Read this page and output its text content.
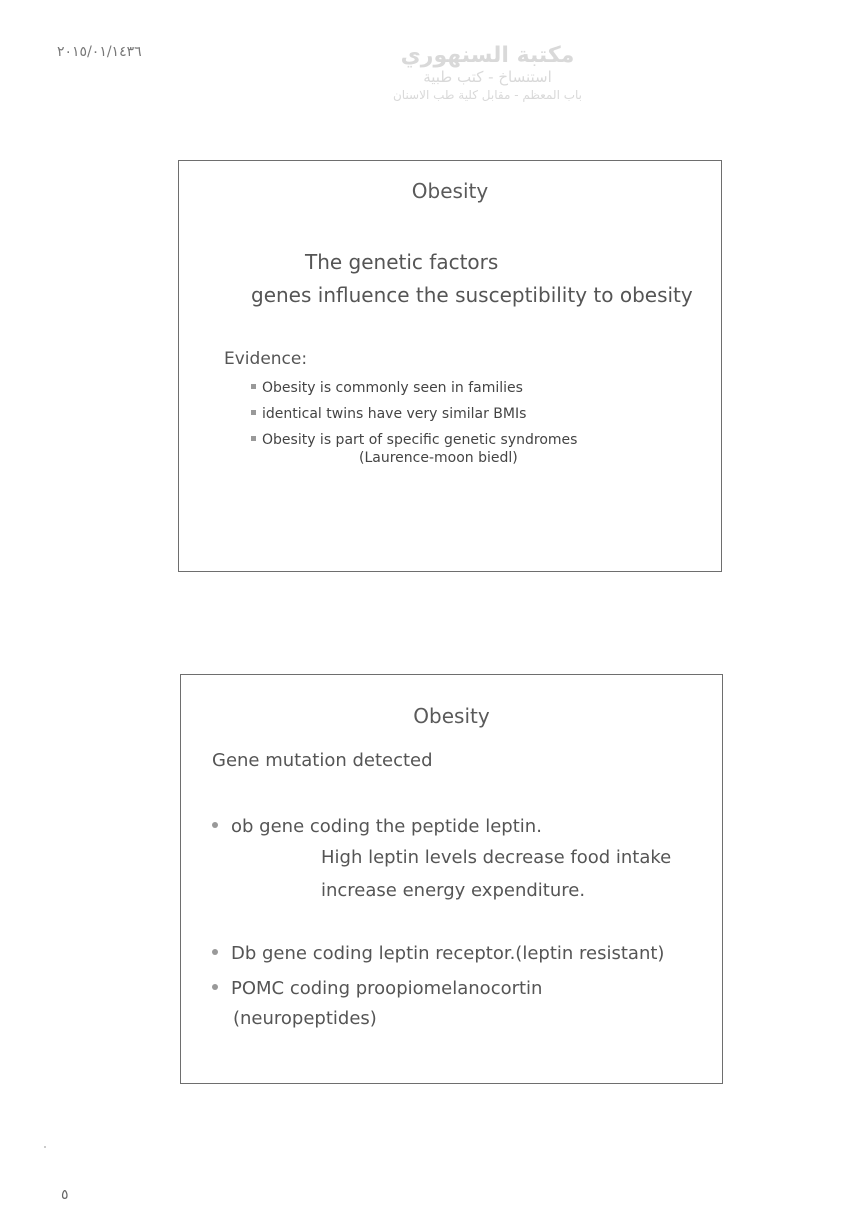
٢٠١٥/٠١/١٤٣٦	مكتبة السنهوري
استنساخ - كتب طبية
باب المعظم - مقابل كلية طب الاسنان
Obesity
The genetic factors
genes influence the susceptibility to obesity
Evidence:
Obesity is commonly seen in families
identical twins have very similar BMIs
Obesity is part of specific genetic syndromes
(Laurence-moon biedl)
Obesity
Gene mutation detected
ob gene coding the peptide leptin.
High leptin levels decrease food intake
increase energy expenditure.
Db gene coding leptin receptor.(leptin resistant)
POMC coding proopiomelanocortin
(neuropeptides)
٥
